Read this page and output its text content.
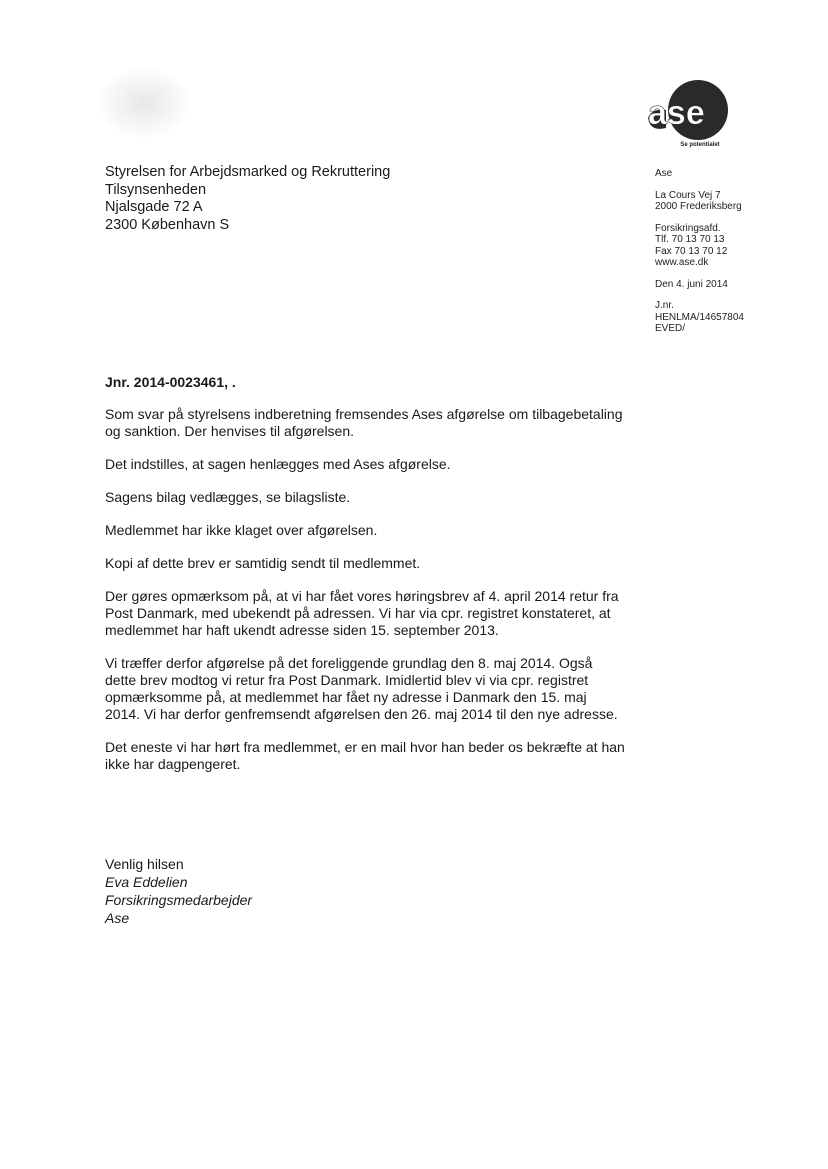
ase
Se potentialet
Styrelsen for Arbejdsmarked og Rekruttering
Tilsynsenheden
Njalsgade 72 A
2300 København S
Ase
La Cours Vej 7
2000 Frederiksberg
Forsikringsafd.
Tlf. 70 13 70 13
Fax 70 13 70 12
www.ase.dk
Den 4. juni 2014
J.nr.
HENLMA/14657804
EVED/
Jnr. 2014-0023461, .

Som svar på styrelsens indberetning fremsendes Ases afgørelse om tilbagebetaling og sanktion. Der henvises til afgørelsen.

Det indstilles, at sagen henlægges med Ases afgørelse.

Sagens bilag vedlægges, se bilagsliste.

Medlemmet har ikke klaget over afgørelsen.

Kopi af dette brev er samtidig sendt til medlemmet.

Der gøres opmærksom på, at vi har fået vores høringsbrev af 4. april 2014 retur fra Post Danmark, med ubekendt på adressen. Vi har via cpr. registret konstateret, at medlemmet har haft ukendt adresse siden 15. september 2013.

Vi træffer derfor afgørelse på det foreliggende grundlag den 8. maj 2014. Også dette brev modtog vi retur fra Post Danmark. Imidlertid blev vi via cpr. registret opmærksomme på, at medlemmet har fået ny adresse i Danmark den 15. maj 2014. Vi har derfor genfremsendt afgørelsen den 26. maj 2014 til den nye adresse.

Det eneste vi har hørt fra medlemmet, er en mail hvor han beder os bekræfte at han ikke har dagpengeret.

Venlig hilsen
Eva Eddelien
Forsikringsmedarbejder
Ase
